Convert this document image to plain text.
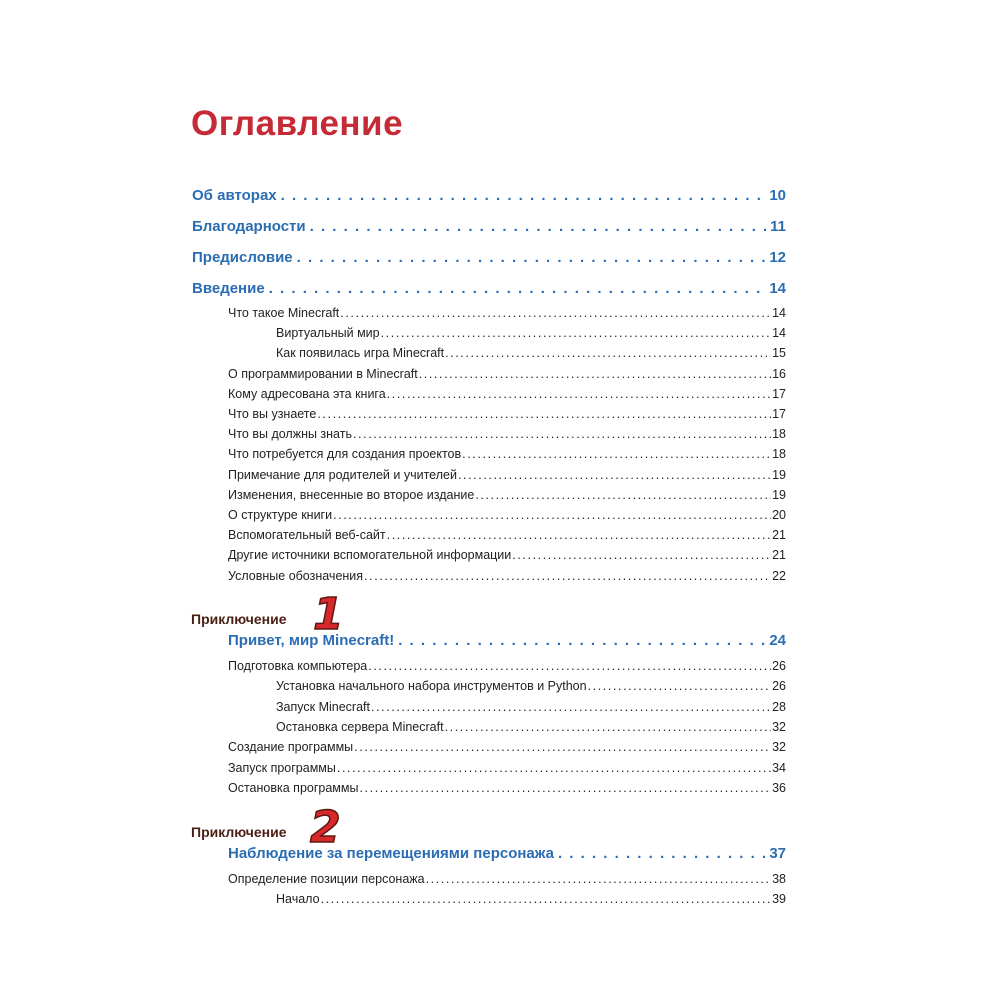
Оглавление
Об авторах . . .	10
Благодарности . . .	11
Предисловие . . .	12
Введение . . .	14
Что такое Minecraft .....	14
Виртуальный мир .....	14
Как появилась игра Minecraft .....	15
О программировании в Minecraft .....	16
Кому адресована эта книга .....	17
Что вы узнаете .....	17
Что вы должны знать .....	18
Что потребуется для создания проектов .....	18
Примечание для родителей и учителей .....	19
Изменения, внесенные во второе издание .....	19
О структуре книги .....	20
Вспомогательный веб-сайт .....	21
Другие источники вспомогательной информации .....	21
Условные обозначения .....	22
Приключение 1
Привет, мир Minecraft! . . .	24
Подготовка компьютера .....	26
Установка начального набора инструментов и Python .....	26
Запуск Minecraft .....	28
Остановка сервера Minecraft .....	32
Создание программы .....	32
Запуск программы .....	34
Остановка программы .....	36
Приключение 2
Наблюдение за перемещениями персонажа . . .	37
Определение позиции персонажа .....	38
Начало .....	39
